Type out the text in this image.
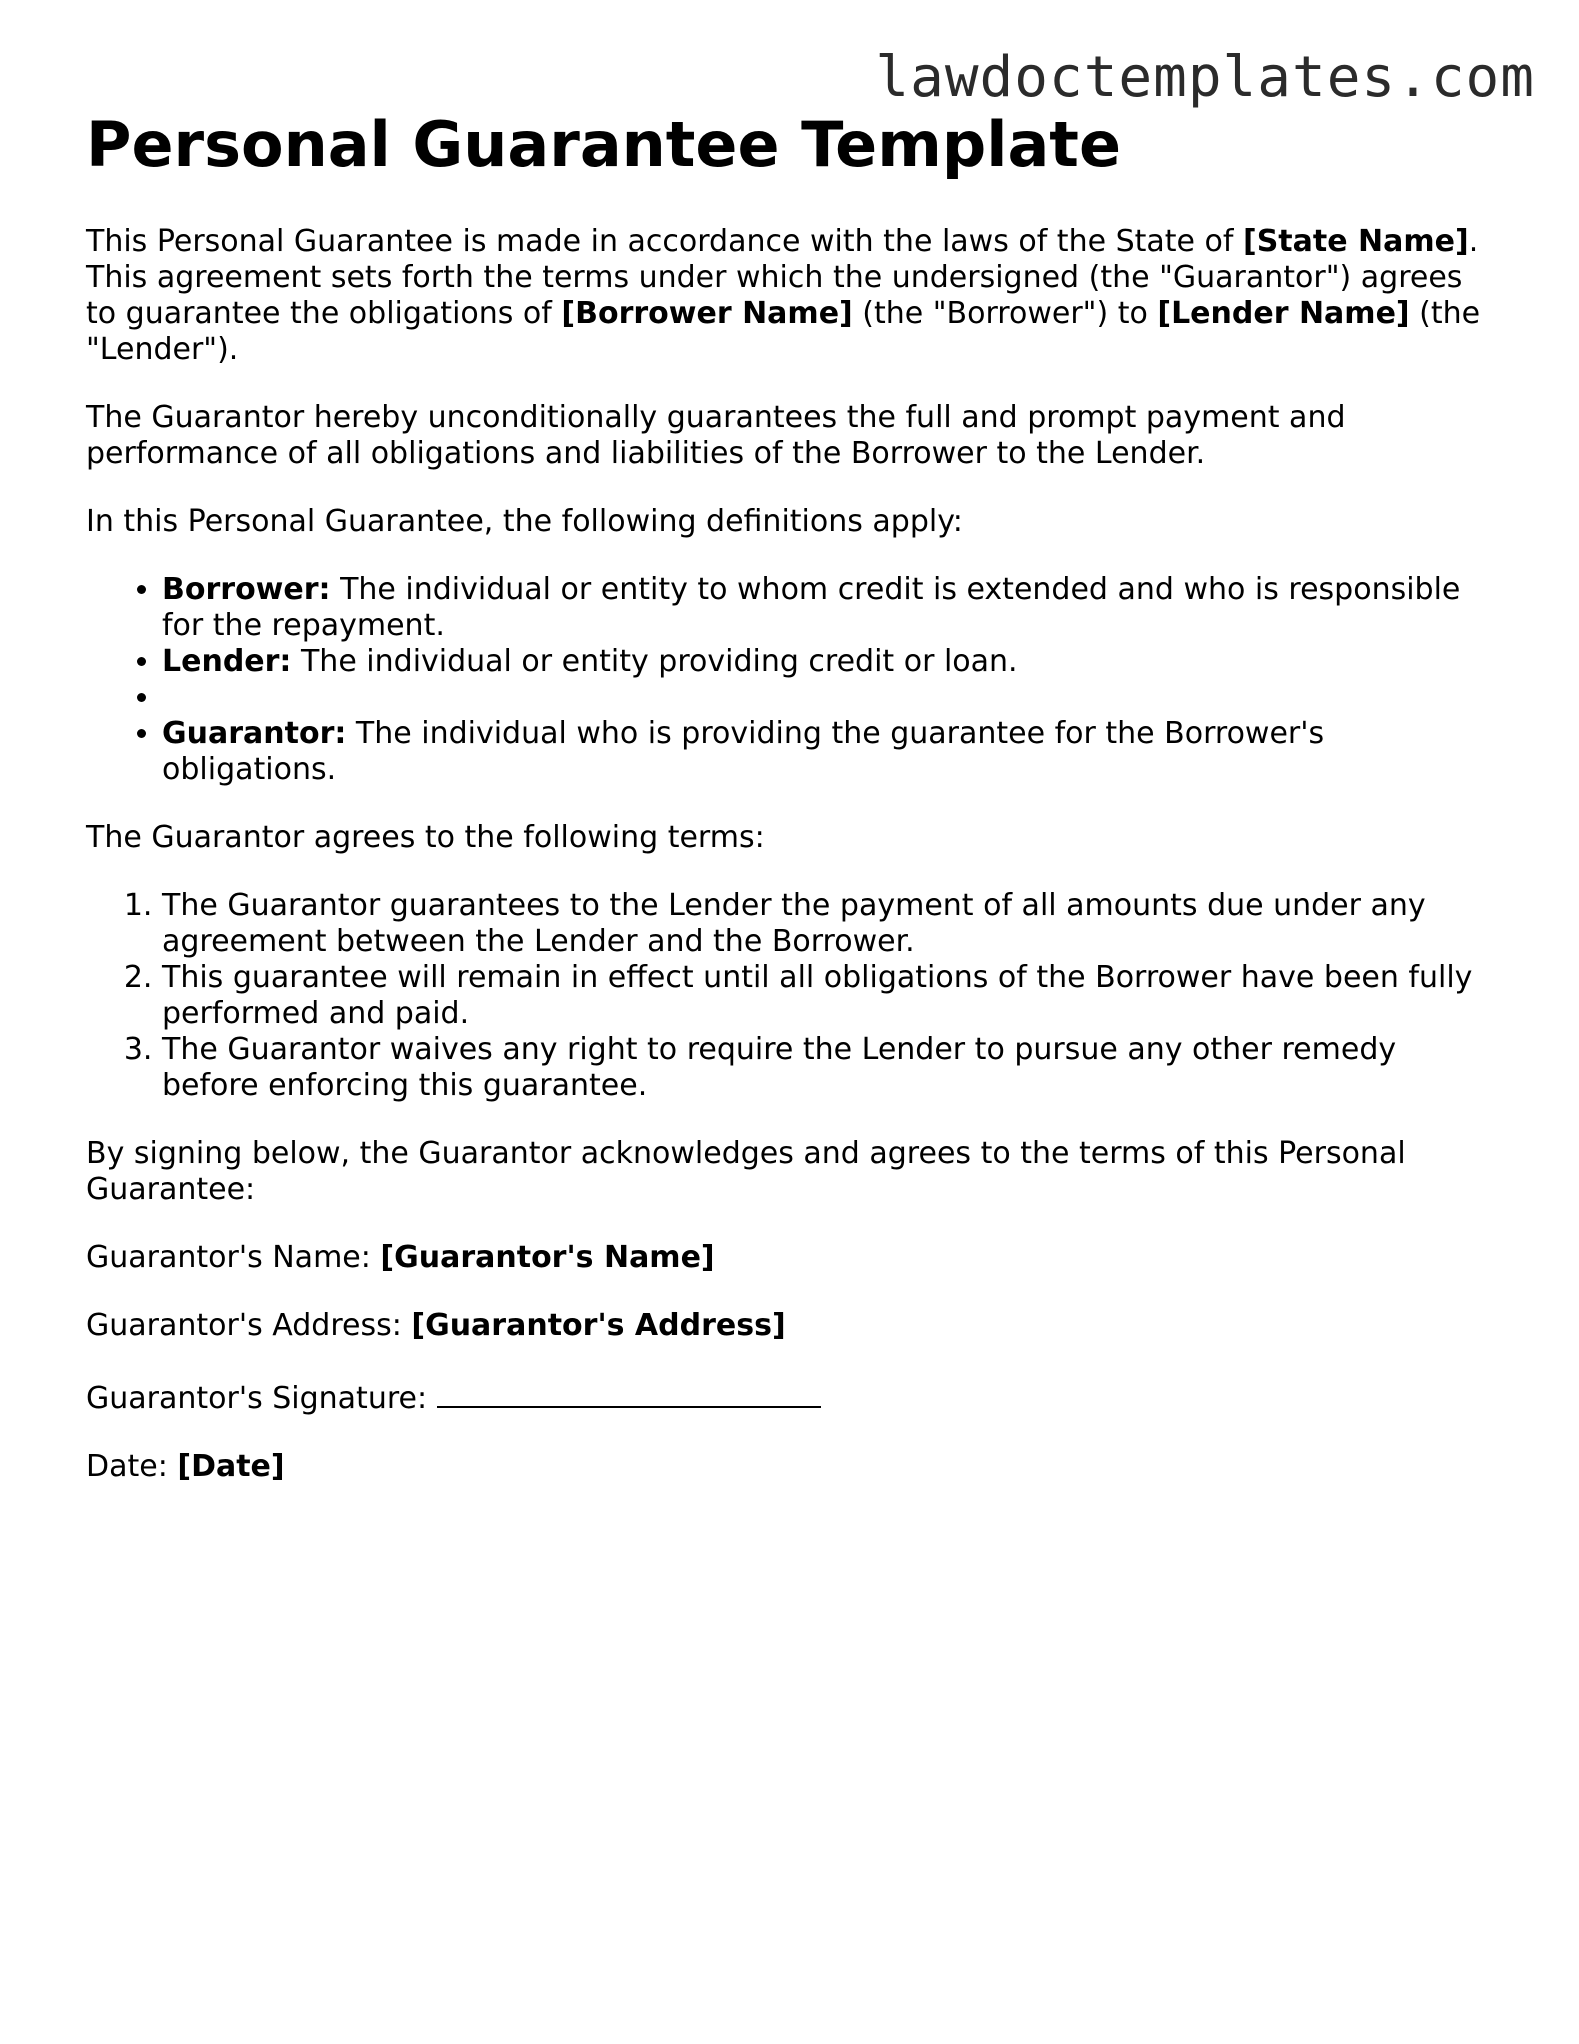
lawdoctemplates.com
Personal Guarantee Template

This Personal Guarantee is made in accordance with the laws of the State of [State Name]. This agreement sets forth the terms under which the undersigned (the "Guarantor") agrees to guarantee the obligations of [Borrower Name] (the "Borrower") to [Lender Name] (the "Lender").

The Guarantor hereby unconditionally guarantees the full and prompt payment and performance of all obligations and liabilities of the Borrower to the Lender.

In this Personal Guarantee, the following definitions apply:

• Borrower: The individual or entity to whom credit is extended and who is responsible for the repayment.
• Lender: The individual or entity providing credit or loan.
•
• Guarantor: The individual who is providing the guarantee for the Borrower's obligations.

The Guarantor agrees to the following terms:

1. The Guarantor guarantees to the Lender the payment of all amounts due under any agreement between the Lender and the Borrower.
2. This guarantee will remain in effect until all obligations of the Borrower have been fully performed and paid.
3. The Guarantor waives any right to require the Lender to pursue any other remedy before enforcing this guarantee.

By signing below, the Guarantor acknowledges and agrees to the terms of this Personal Guarantee:

Guarantor's Name: [Guarantor's Name]

Guarantor's Address: [Guarantor's Address]

Guarantor's Signature:

Date: [Date]
